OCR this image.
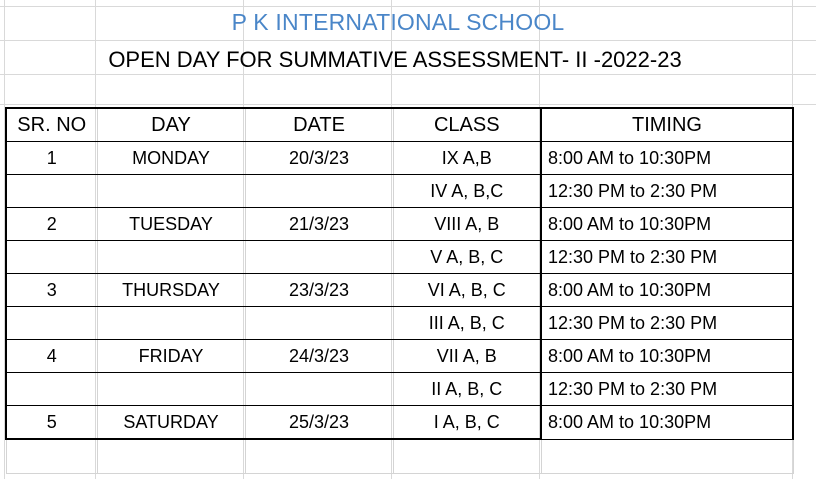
P K INTERNATIONAL SCHOOL
OPEN DAY FOR SUMMATIVE ASSESSMENT- II -2022-23
SR. NO	DAY	DATE	CLASS	TIMING
1	MONDAY	20/3/23	IX A,B	8:00 AM to 10:30PM
			IV A, B,C	12:30 PM to 2:30 PM
2	TUESDAY	21/3/23	VIII A, B	8:00 AM to 10:30PM
			V A, B, C	12:30 PM to 2:30 PM
3	THURSDAY	23/3/23	VI A, B, C	8:00 AM to 10:30PM
			III A, B, C	12:30 PM to 2:30 PM
4	FRIDAY	24/3/23	VII A, B	8:00 AM to 10:30PM
			II A, B, C	12:30 PM to 2:30 PM
5	SATURDAY	25/3/23	I A, B, C	8:00 AM to 10:30PM
